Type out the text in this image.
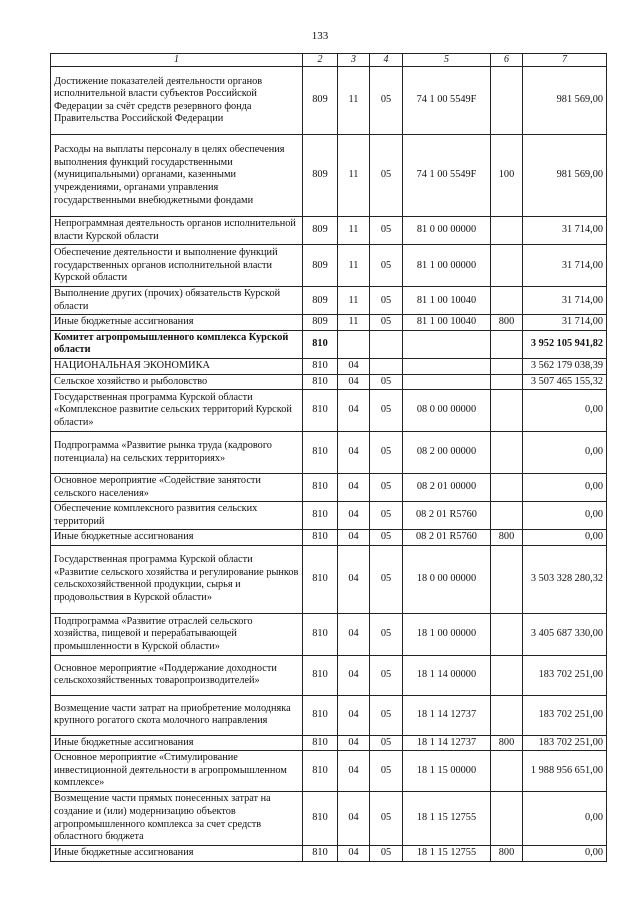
133
1	2	3	4	5	6	7
Достижение показателей деятельности органов исполнительной власти субъектов Российской Федерации за счёт средств резервного фонда Правительства Российской Федерации	809	11	05	74 1 00 5549F		981 569,00
Расходы на выплаты персоналу в целях обеспечения выполнения функций государственными (муниципальными) органами, казенными учреждениями, органами управления государственными внебюджетными фондами	809	11	05	74 1 00 5549F	100	981 569,00
Непрограммная деятельность органов исполнительной власти Курской области	809	11	05	81 0 00 00000		31 714,00
Обеспечение деятельности и выполнение функций государственных органов исполнительной власти Курской области	809	11	05	81 1 00 00000		31 714,00
Выполнение других (прочих) обязательств Курской области	809	11	05	81 1 00 10040		31 714,00
Иные бюджетные ассигнования	809	11	05	81 1 00 10040	800	31 714,00
Комитет агропромышленного комплекса Курской области	810					3 952 105 941,82
НАЦИОНАЛЬНАЯ ЭКОНОМИКА	810	04				3 562 179 038,39
Сельское хозяйство и рыболовство	810	04	05			3 507 465 155,32
Государственная программа Курской области «Комплексное развитие сельских территорий Курской области»	810	04	05	08 0 00 00000		0,00
Подпрограмма «Развитие рынка труда (кадрового потенциала) на сельских территориях»	810	04	05	08 2 00 00000		0,00
Основное мероприятие «Содействие занятости сельского населения»	810	04	05	08 2 01 00000		0,00
Обеспечение комплексного развития сельских территорий	810	04	05	08 2 01 R5760		0,00
Иные бюджетные ассигнования	810	04	05	08 2 01 R5760	800	0,00
Государственная программа Курской области «Развитие сельского хозяйства и регулирование рынков сельскохозяйственной продукции, сырья и продовольствия в Курской области»	810	04	05	18 0 00 00000		3 503 328 280,32
Подпрограмма «Развитие отраслей сельского хозяйства, пищевой и перерабатывающей промышленности в Курской области»	810	04	05	18 1 00 00000		3 405 687 330,00
Основное мероприятие «Поддержание доходности сельскохозяйственных товаропроизводителей»	810	04	05	18 1 14 00000		183 702 251,00
Возмещение части затрат на приобретение молодняка крупного рогатого скота молочного направления	810	04	05	18 1 14 12737		183 702 251,00
Иные бюджетные ассигнования	810	04	05	18 1 14 12737	800	183 702 251,00
Основное мероприятие «Стимулирование инвестиционной деятельности в агропромышленном комплексе»	810	04	05	18 1 15 00000		1 988 956 651,00
Возмещение части прямых понесенных затрат на создание и (или) модернизацию объектов агропромышленного комплекса за счет средств областного бюджета	810	04	05	18 1 15 12755		0,00
Иные бюджетные ассигнования	810	04	05	18 1 15 12755	800	0,00
